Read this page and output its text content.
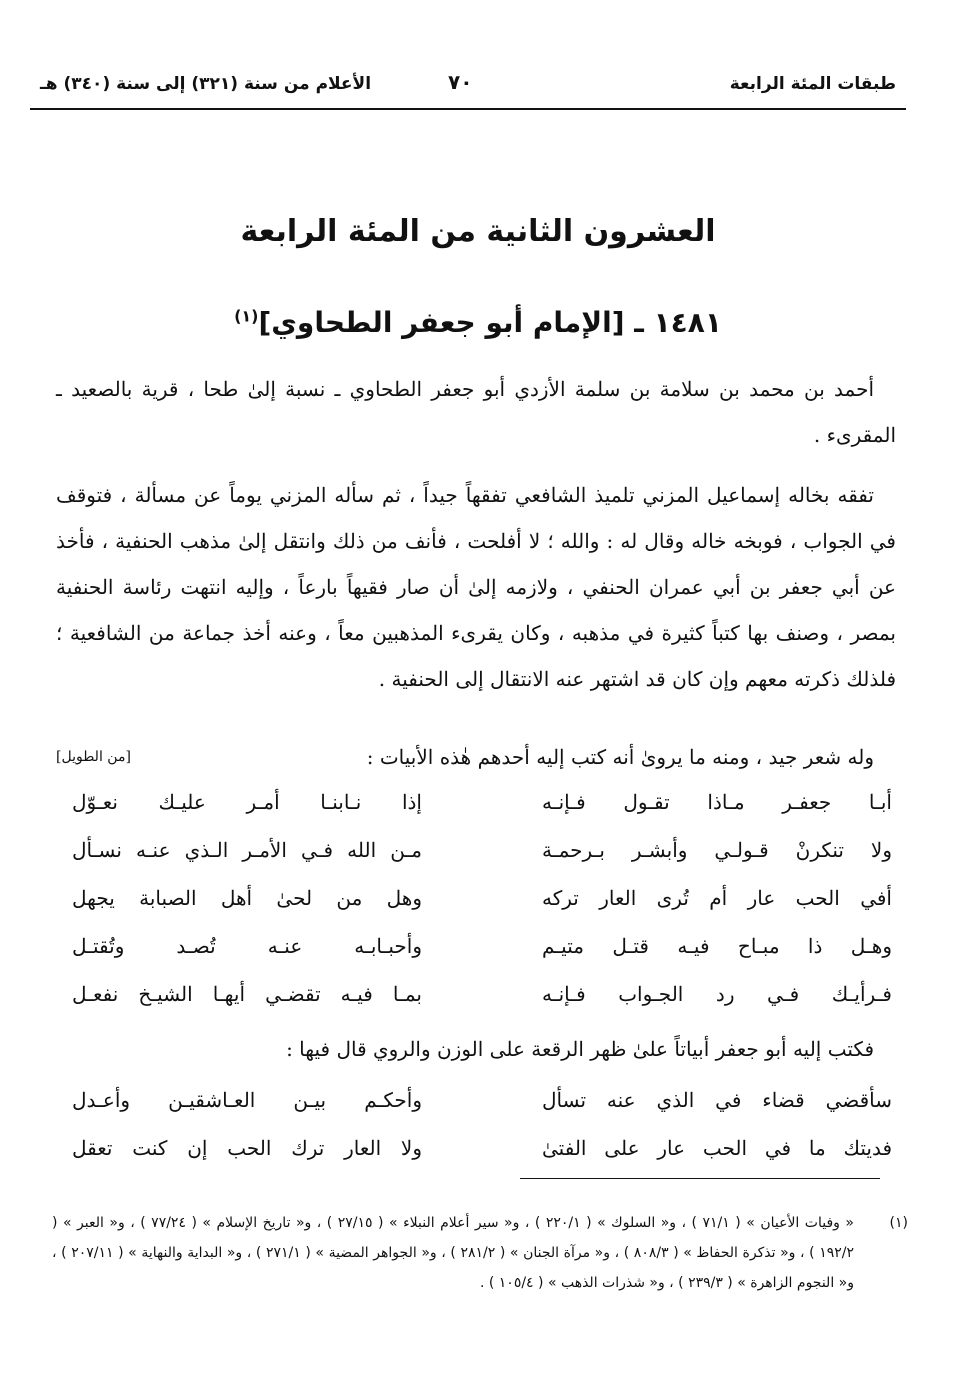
طبقات المئة الرابعة
٧٠
الأعلام من سنة (٣٢١) إلى سنة (٣٤٠) هـ
العشرون الثانية من المئة الرابعة
١٤٨١ ـ [الإمام أبو جعفر الطحاوي]$^{(١)}$

أحمد بن محمد بن سلامة بن سلمة الأزدي أبو جعفر الطحاوي ـ نسبة إلىٰ طحا ، قرية بالصعيد ـ المقرىء .

تفقه بخاله إسماعيل المزني تلميذ الشافعي تفقهاً جيداً ، ثم سأله المزني يوماً عن مسألة ، فتوقف في الجواب ، فوبخه خاله وقال له : والله ؛ لا أفلحت ، فأنف من ذلك وانتقل إلىٰ مذهب الحنفية ، فأخذ عن أبي جعفر بن أبي عمران الحنفي ، ولازمه إلىٰ أن صار فقيهاً بارعاً ، وإليه انتهت رئاسة الحنفية بمصر ، وصنف بها كتباً كثيرة في مذهبه ، وكان يقرىء المذهبين معاً ، وعنه أخذ جماعة من الشافعية ؛ فلذلك ذكرته معهم وإن كان قد اشتهر عنه الانتقال إلى الحنفية .

وله شعر جيد ، ومنه ما يروىٰ أنه كتب إليه أحدهم هٰذه الأبيات :
[من الطويل]
أبـا جعفـر مـاذا تقـول فـإنـه
إذا نـابنـا أمـر عليـك نعـوّل
ولا تنكرنْ قـولـي وأبشـر بـرحمـة
مـن الله فـي الأمـر الـذي عنـه نسـأل
أفي الحب عار أم تُرى العار تركه
وهل من لحىٰ أهل الصبابة يجهل
وهـل ذا مبـاح فيـه قتـل متيـم
وأحبـابـه عنـه تُصـد وتُقتـل
فـرأيـك فـي رد الجـواب فـإنـه
بمـا فيـه تقضـي أيهـا الشيـخ نفعـل
فكتب إليه أبو جعفر أبياتاً علىٰ ظهر الرقعة على الوزن والروي قال فيها :
سأقضي قضاء في الذي عنه تسأل
وأحكـم بيـن العـاشقيـن وأعـدل
فديتك ما في الحب عار على الفتىٰ
ولا العار ترك الحب إن كنت تعقل
(١)
« وفيات الأعيان » ( ٧١/١ ) ، و« السلوك » ( ٢٢٠/١ ) ، و« سير أعلام النبلاء » ( ٢٧/١٥ ) ، و« تاريخ الإسلام » ( ٧٧/٢٤ ) ، و« العبر » ( ١٩٢/٢ ) ، و« تذكرة الحفاظ » ( ٨٠٨/٣ ) ، و« مرآة الجنان » ( ٢٨١/٢ ) ، و« الجواهر المضية » ( ٢٧١/١ ) ، و« البداية والنهاية » ( ٢٠٧/١١ ) ، و« النجوم الزاهرة » ( ٢٣٩/٣ ) ، و« شذرات الذهب » ( ١٠٥/٤ ) .
